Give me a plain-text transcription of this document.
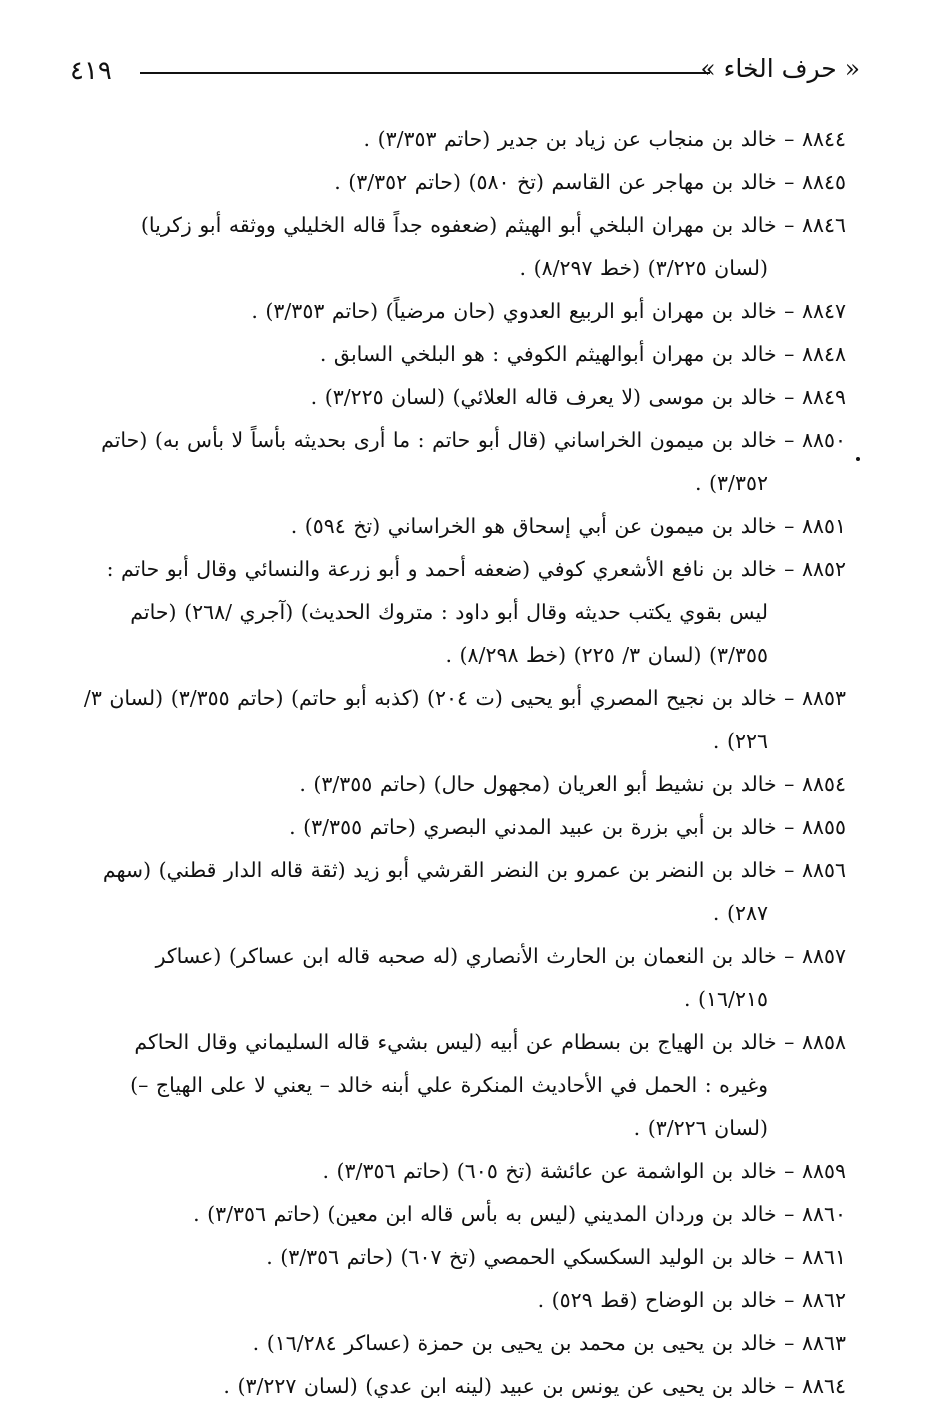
٤١٩	« حرف الخاء »
٨٨٤٤ – خالد بن منجاب عن زياد بن جدير (حاتم ٣/٣٥٣) .
٨٨٤٥ – خالد بن مهاجر عن القاسم (تخ ٥٨٠) (حاتم ٣/٣٥٢) .
٨٨٤٦ – خالد بن مهران البلخي أبو الهيثم (ضعفوه جداً قاله الخليلي ووثقه أبو زكريا) (لسان ٣/٢٢٥) (خط ٨/٢٩٧) .
٨٨٤٧ – خالد بن مهران أبو الربيع العدوي (حان مرضياً) (حاتم ٣/٣٥٣) .
٨٨٤٨ – خالد بن مهران أبوالهيثم الكوفي : هو البلخي السابق .
٨٨٤٩ – خالد بن موسى (لا يعرف قاله العلائي) (لسان ٣/٢٢٥) .
٨٨٥٠ – خالد بن ميمون الخراساني (قال أبو حاتم : ما أرى بحديثه بأساً لا بأس به) (حاتم ٣/٣٥٢) .
٨٨٥١ – خالد بن ميمون عن أبي إسحاق هو الخراساني (تخ ٥٩٤) .
٨٨٥٢ – خالد بن نافع الأشعري كوفي (ضعفه أحمد و أبو زرعة والنسائي وقال أبو حاتم : ليس بقوي يكتب حديثه وقال أبو داود : متروك الحديث) (آجري /٢٦٨) (حاتم ٣/٣٥٥) (لسان ٣/ ٢٢٥) (خط ٨/٢٩٨) .
٨٨٥٣ – خالد بن نجيح المصري أبو يحيى (ت ٢٠٤) (كذبه أبو حاتم) (حاتم ٣/٣٥٥) (لسان ٣/ ٢٢٦) .
٨٨٥٤ – خالد بن نشيط أبو العريان (مجهول حال) (حاتم ٣/٣٥٥) .
٨٨٥٥ – خالد بن أبي بزرة بن عبيد المدني البصري (حاتم ٣/٣٥٥) .
٨٨٥٦ – خالد بن النضر بن عمرو بن النضر القرشي أبو زيد (ثقة قاله الدار قطني) (سهم ٢٨٧) .
٨٨٥٧ – خالد بن النعمان بن الحارث الأنصاري (له صحبه قاله ابن عساكر) (عساكر ١٦/٢١٥) .
٨٨٥٨ – خالد بن الهياج بن بسطام عن أبيه (ليس بشيء قاله السليماني وقال الحاكم وغيره : الحمل في الأحاديث المنكرة علي أبنه خالد – يعني لا على الهياج –) (لسان ٣/٢٢٦) .
٨٨٥٩ – خالد بن الواشمة عن عائشة (تخ ٦٠٥) (حاتم ٣/٣٥٦) .
٨٨٦٠ – خالد بن وردان المديني (ليس به بأس قاله ابن معين) (حاتم ٣/٣٥٦) .
٨٨٦١ – خالد بن الوليد السكسكي الحمصي (تخ ٦٠٧) (حاتم ٣/٣٥٦) .
٨٨٦٢ – خالد بن الوضاح (قط ٥٢٩) .
٨٨٦٣ – خالد بن يحيى بن محمد بن يحيى بن حمزة (عساكر ١٦/٢٨٤) .
٨٨٦٤ – خالد بن يحيى عن يونس بن عبيد (لينه ابن عدي) (لسان ٣/٢٢٧) .
